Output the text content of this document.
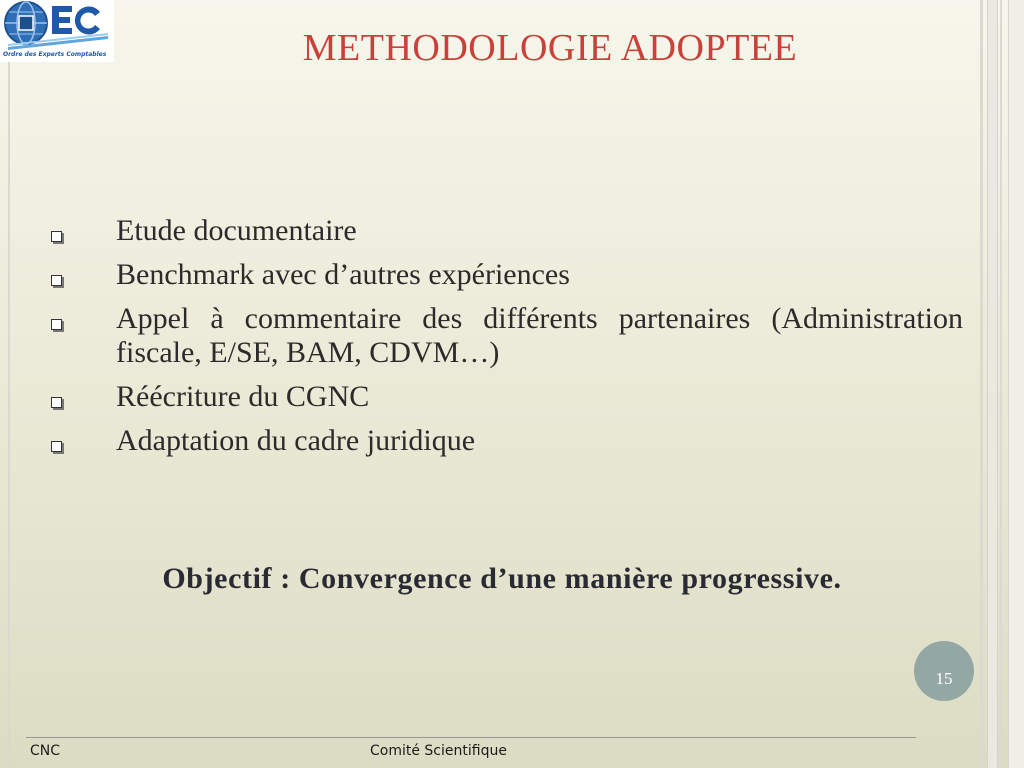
Ordre des Experts Comptables	METHODOLOGIE ADOPTEE
Etude documentaire
Benchmark avec d’autres expériences
Appel à commentaire des différents partenaires (Administration fiscale, E/SE, BAM, CDVM…)
Réécriture du CGNC
Adaptation du cadre juridique

Objectif : Convergence d’une manière progressive.

15
CNC	Comité Scientifique
